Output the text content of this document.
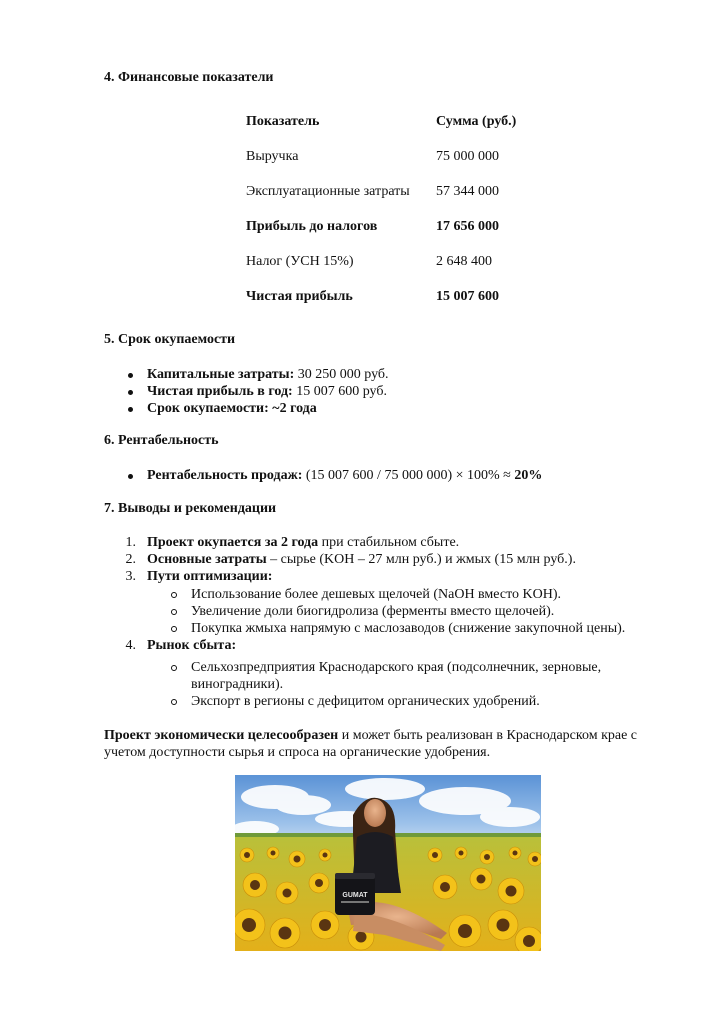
4. Финансовые показатели
Показатель	Сумма (руб.)
Выручка	75 000 000
Эксплуатационные затраты 57 344 000
Прибыль до налогов	17 656 000
Налог (УСН 15%)	2 648 400
Чистая прибыль	15 007 600
5. Срок окупаемости
Капитальные затраты: 30 250 000 руб.
Чистая прибыль в год: 15 007 600 руб.
Срок окупаемости: ~2 года
6. Рентабельность
Рентабельность продаж: (15 007 600 / 75 000 000) × 100% ≈ 20%
7. Выводы и рекомендации
1. Проект окупается за 2 года при стабильном сбыте.
2. Основные затраты – сырье (KOH – 27 млн руб.) и жмых (15 млн руб.).
3. Пути оптимизации:
Использование более дешевых щелочей (NaOH вместо KOH).
Увеличение доли биогидролиза (ферменты вместо щелочей).
Покупка жмыха напрямую с маслозаводов (снижение закупочной цены).
4. Рынок сбыта:
Сельхозпредприятия Краснодарского края (подсолнечник, зерновые,
виноградники).
Экспорт в регионы с дефицитом органических удобрений.
Проект экономически целесообразен и может быть реализован в Краснодарском крае с
учетом доступности сырья и спроса на органические удобрения.
GUMAT
